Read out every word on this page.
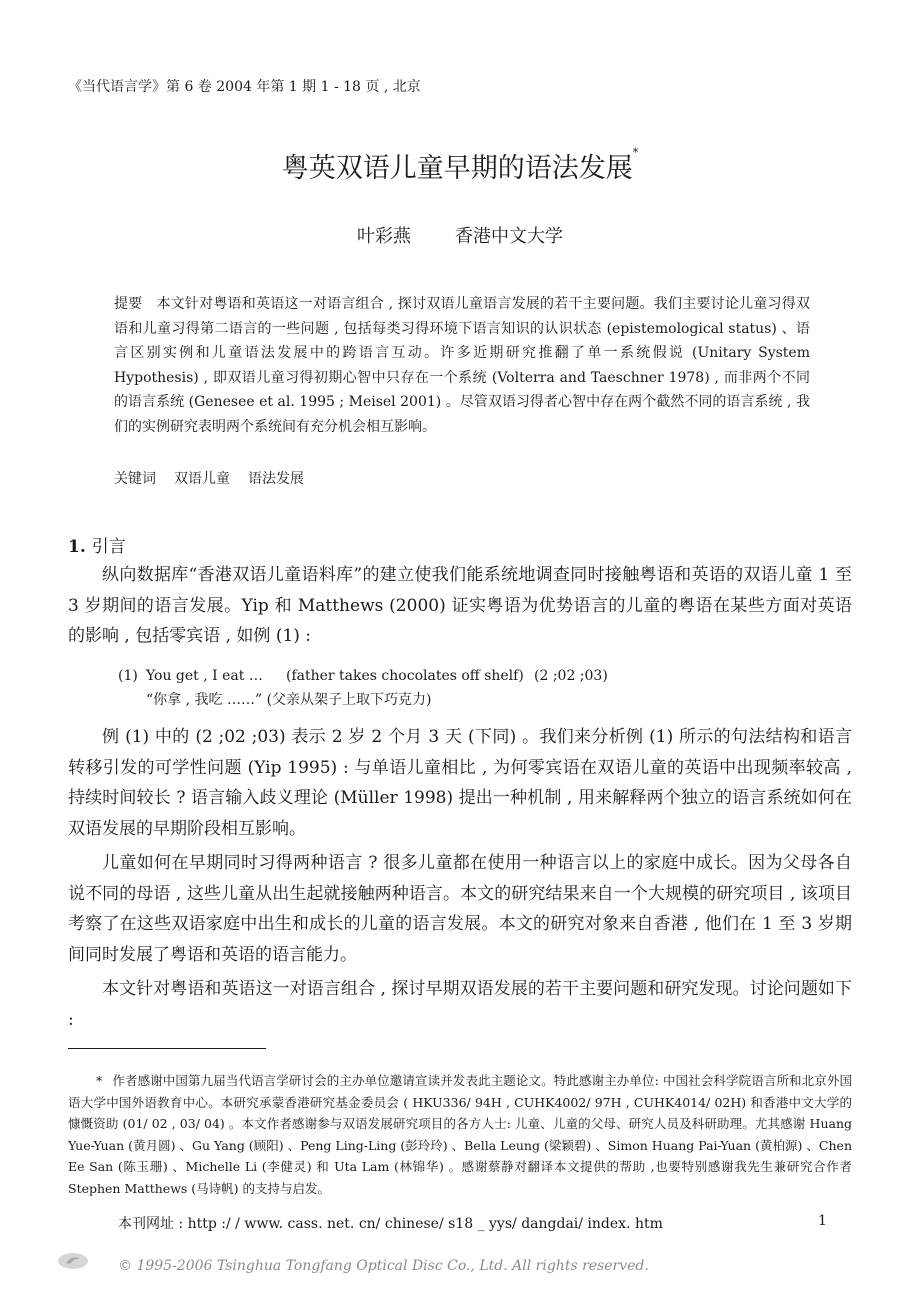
《当代语言学》第 6 卷 2004 年第 1 期 1 - 18 页 , 北京
粤英双语儿童早期的语法发展*
叶彩燕 香港中文大学
提要 本文针对粤语和英语这一对语言组合 , 探讨双语儿童语言发展的若干主要问题。我们主要讨论儿童习得双语和儿童习得第二语言的一些问题 , 包括每类习得环境下语言知识的认识状态 (epistemological status) 、语言区别实例和儿童语法发展中的跨语言互动。许多近期研究推翻了单一系统假说 (Unitary System Hypothesis) , 即双语儿童习得初期心智中只存在一个系统 (Volterra and Taeschner 1978) , 而非两个不同的语言系统 (Genesee et al. 1995 ; Meisel 2001) 。尽管双语习得者心智中存在两个截然不同的语言系统 , 我们的实例研究表明两个系统间有充分机会相互影响。
关键词 双语儿童 语法发展
1. 引言

纵向数据库“香港双语儿童语料库”的建立使我们能系统地调查同时接触粤语和英语的双语儿童 1 至 3 岁期间的语言发展。Yip 和 Matthews (2000) 证实粤语为优势语言的儿童的粤语在某些方面对英语的影响 , 包括零宾语 , 如例 (1) :

(1) You get , I eat … (father takes chocolates off shelf) (2 ;02 ;03)
“你拿 , 我吃 ……” (父亲从架子上取下巧克力)

例 (1) 中的 (2 ;02 ;03) 表示 2 岁 2 个月 3 天 (下同) 。我们来分析例 (1) 所示的句法结构和语言转移引发的可学性问题 (Yip 1995) : 与单语儿童相比 , 为何零宾语在双语儿童的英语中出现频率较高 , 持续时间较长 ? 语言输入歧义理论 (Müller 1998) 提出一种机制 , 用来解释两个独立的语言系统如何在双语发展的早期阶段相互影响。

儿童如何在早期同时习得两种语言 ? 很多儿童都在使用一种语言以上的家庭中成长。因为父母各自说不同的母语 , 这些儿童从出生起就接触两种语言。本文的研究结果来自一个大规模的研究项目 , 该项目考察了在这些双语家庭中出生和成长的儿童的语言发展。本文的研究对象来自香港 , 他们在 1 至 3 岁期间同时发展了粤语和英语的语言能力。

本文针对粤语和英语这一对语言组合 , 探讨早期双语发展的若干主要问题和研究发现。讨论问题如下 :

* 作者感谢中国第九届当代语言学研讨会的主办单位邀请宣读并发表此主题论文。特此感谢主办单位: 中国社会科学院语言所和北京外国语大学中国外语教育中心。本研究承蒙香港研究基金委员会 ( HKU336/ 94H , CUHK4002/ 97H , CUHK4014/ 02H) 和香港中文大学的慷慨资助 (01/ 02 , 03/ 04) 。本文作者感谢参与双语发展研究项目的各方人士: 儿童、儿童的父母、研究人员及科研助理。尤其感谢 Huang Yue-Yuan (黄月圆) 、Gu Yang (顾阳) 、Peng Ling-Ling (彭玲玲) 、Bella Leung (梁颖碧) 、Simon Huang Pai-Yuan (黄柏源) 、Chen Ee San (陈玉珊) 、Michelle Li (李健灵) 和 Uta Lam (林锦华) 。感谢蔡静对翻译本文提供的帮助 ,也要特别感谢我先生兼研究合作者 Stephen Matthews (马诗帆) 的支持与启发。
本刊网址 : http :/ / www. cass. net. cn/ chinese/ s18 _ yys/ dangdai/ index. htm	1
© 1995-2006 Tsinghua Tongfang Optical Disc Co., Ltd. All rights reserved.
